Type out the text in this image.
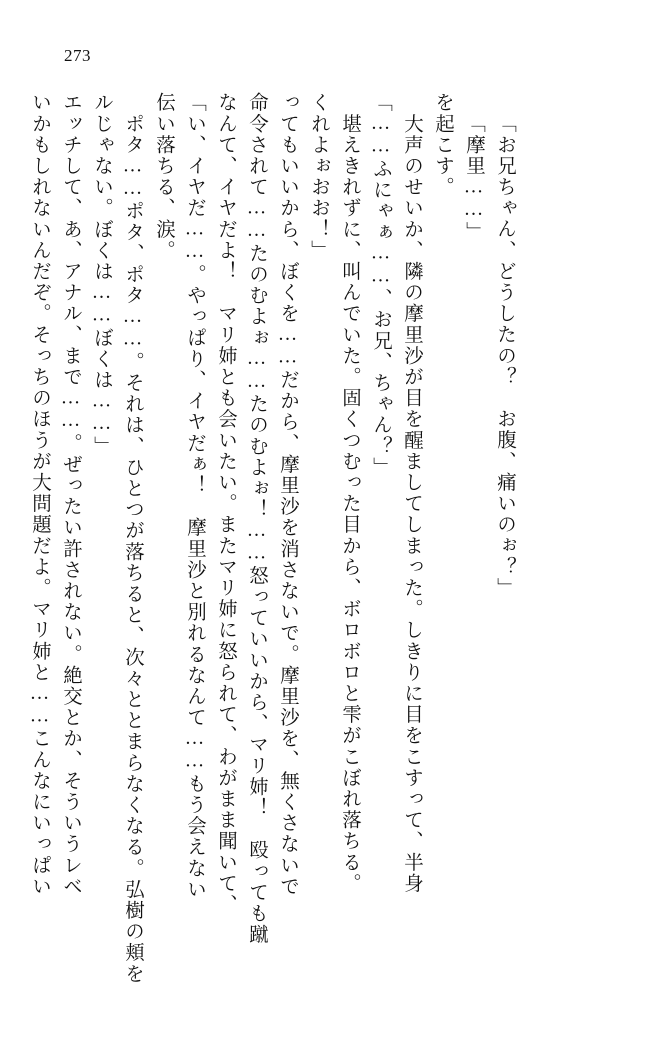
273
いかもしれないんだぞ。そっちのほうが大問題だよ。マリ姉と……こんなにいっぱい エッチして、あ、アナル、まで……。ぜったい許されない。絶交とか、そういうレベ ルじゃない。ぼくは……ぼくは……」 　ポタ……ポタ、ポタ……。それは、ひとつが落ちると、次々ととまらなくなる。弘樹の頬を 伝い落ちる、涙。 「い、イヤだ……。やっぱり、イヤだぁ！　摩里沙と別れるなんて……もう会えない なんて、イヤだよ！　マリ姉とも会いたい。またマリ姉に怒られて、わがまま聞いて、 命令されて……たのむよぉ……たのむよぉ！……怒っていいから、マリ姉！　殴っても蹴 ってもいいから、ぼくを……だから、摩里沙を消さないで。摩里沙を、無くさないで くれよぉおお！」 　堪えきれずに、叫んでいた。固くつむった目から、ボロボロと雫がこぼれ落ちる。 「……ふにゃぁ……、お兄、ちゃん？」 　大声のせいか、隣の摩里沙が目を醒ましてしまった。しきりに目をこすって、半身 を起こす。 「摩里……」 「お兄ちゃん、どうしたの？　お腹、痛いのぉ？」
